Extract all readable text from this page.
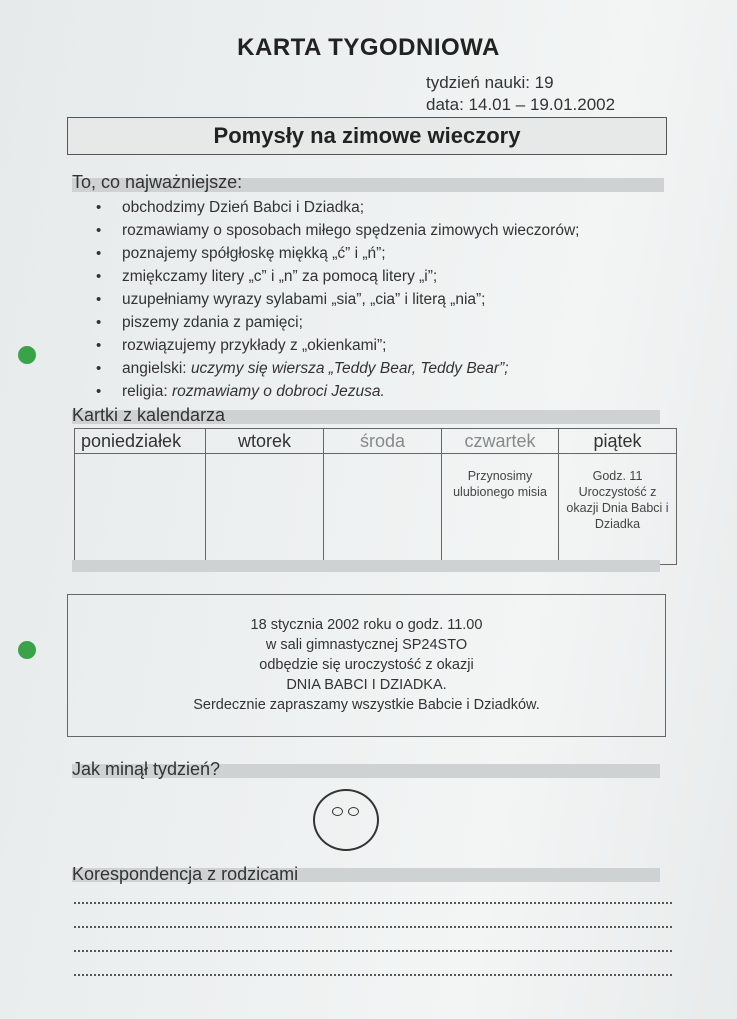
KARTA TYGODNIOWA
tydzień nauki: 19
data: 14.01 – 19.01.2002
Pomysły na zimowe wieczory
To, co najważniejsze:
• obchodzimy Dzień Babci i Dziadka;
• rozmawiamy o sposobach miłego spędzenia zimowych wieczorów;
• poznajemy spółgłoskę miękką „ć” i „ń”;
• zmiękczamy litery „c” i „n” za pomocą litery „i”;
• uzupełniamy wyrazy sylabami „sia”, „cia” i literą „nia”;
• piszemy zdania z pamięci;
• rozwiązujemy przykłady z „okienkami”;
• angielski: uczymy się wiersza „Teddy Bear, Teddy Bear”;
• religia: rozmawiamy o dobroci Jezusa.
Kartki z kalendarza
poniedziałek	wtorek	środa	czwartek	piątek
			Przynosimy ulubionego misia	Godz. 11 Uroczystość z okazji Dnia Babci i Dziadka
18 stycznia 2002 roku o godz. 11.00
w sali gimnastycznej SP24STO
odbędzie się uroczystość z okazji
DNIA BABCI I DZIADKA.
Serdecznie zapraszamy wszystkie Babcie i Dziadków.
Jak minął tydzień?
Korespondencja z rodzicami
